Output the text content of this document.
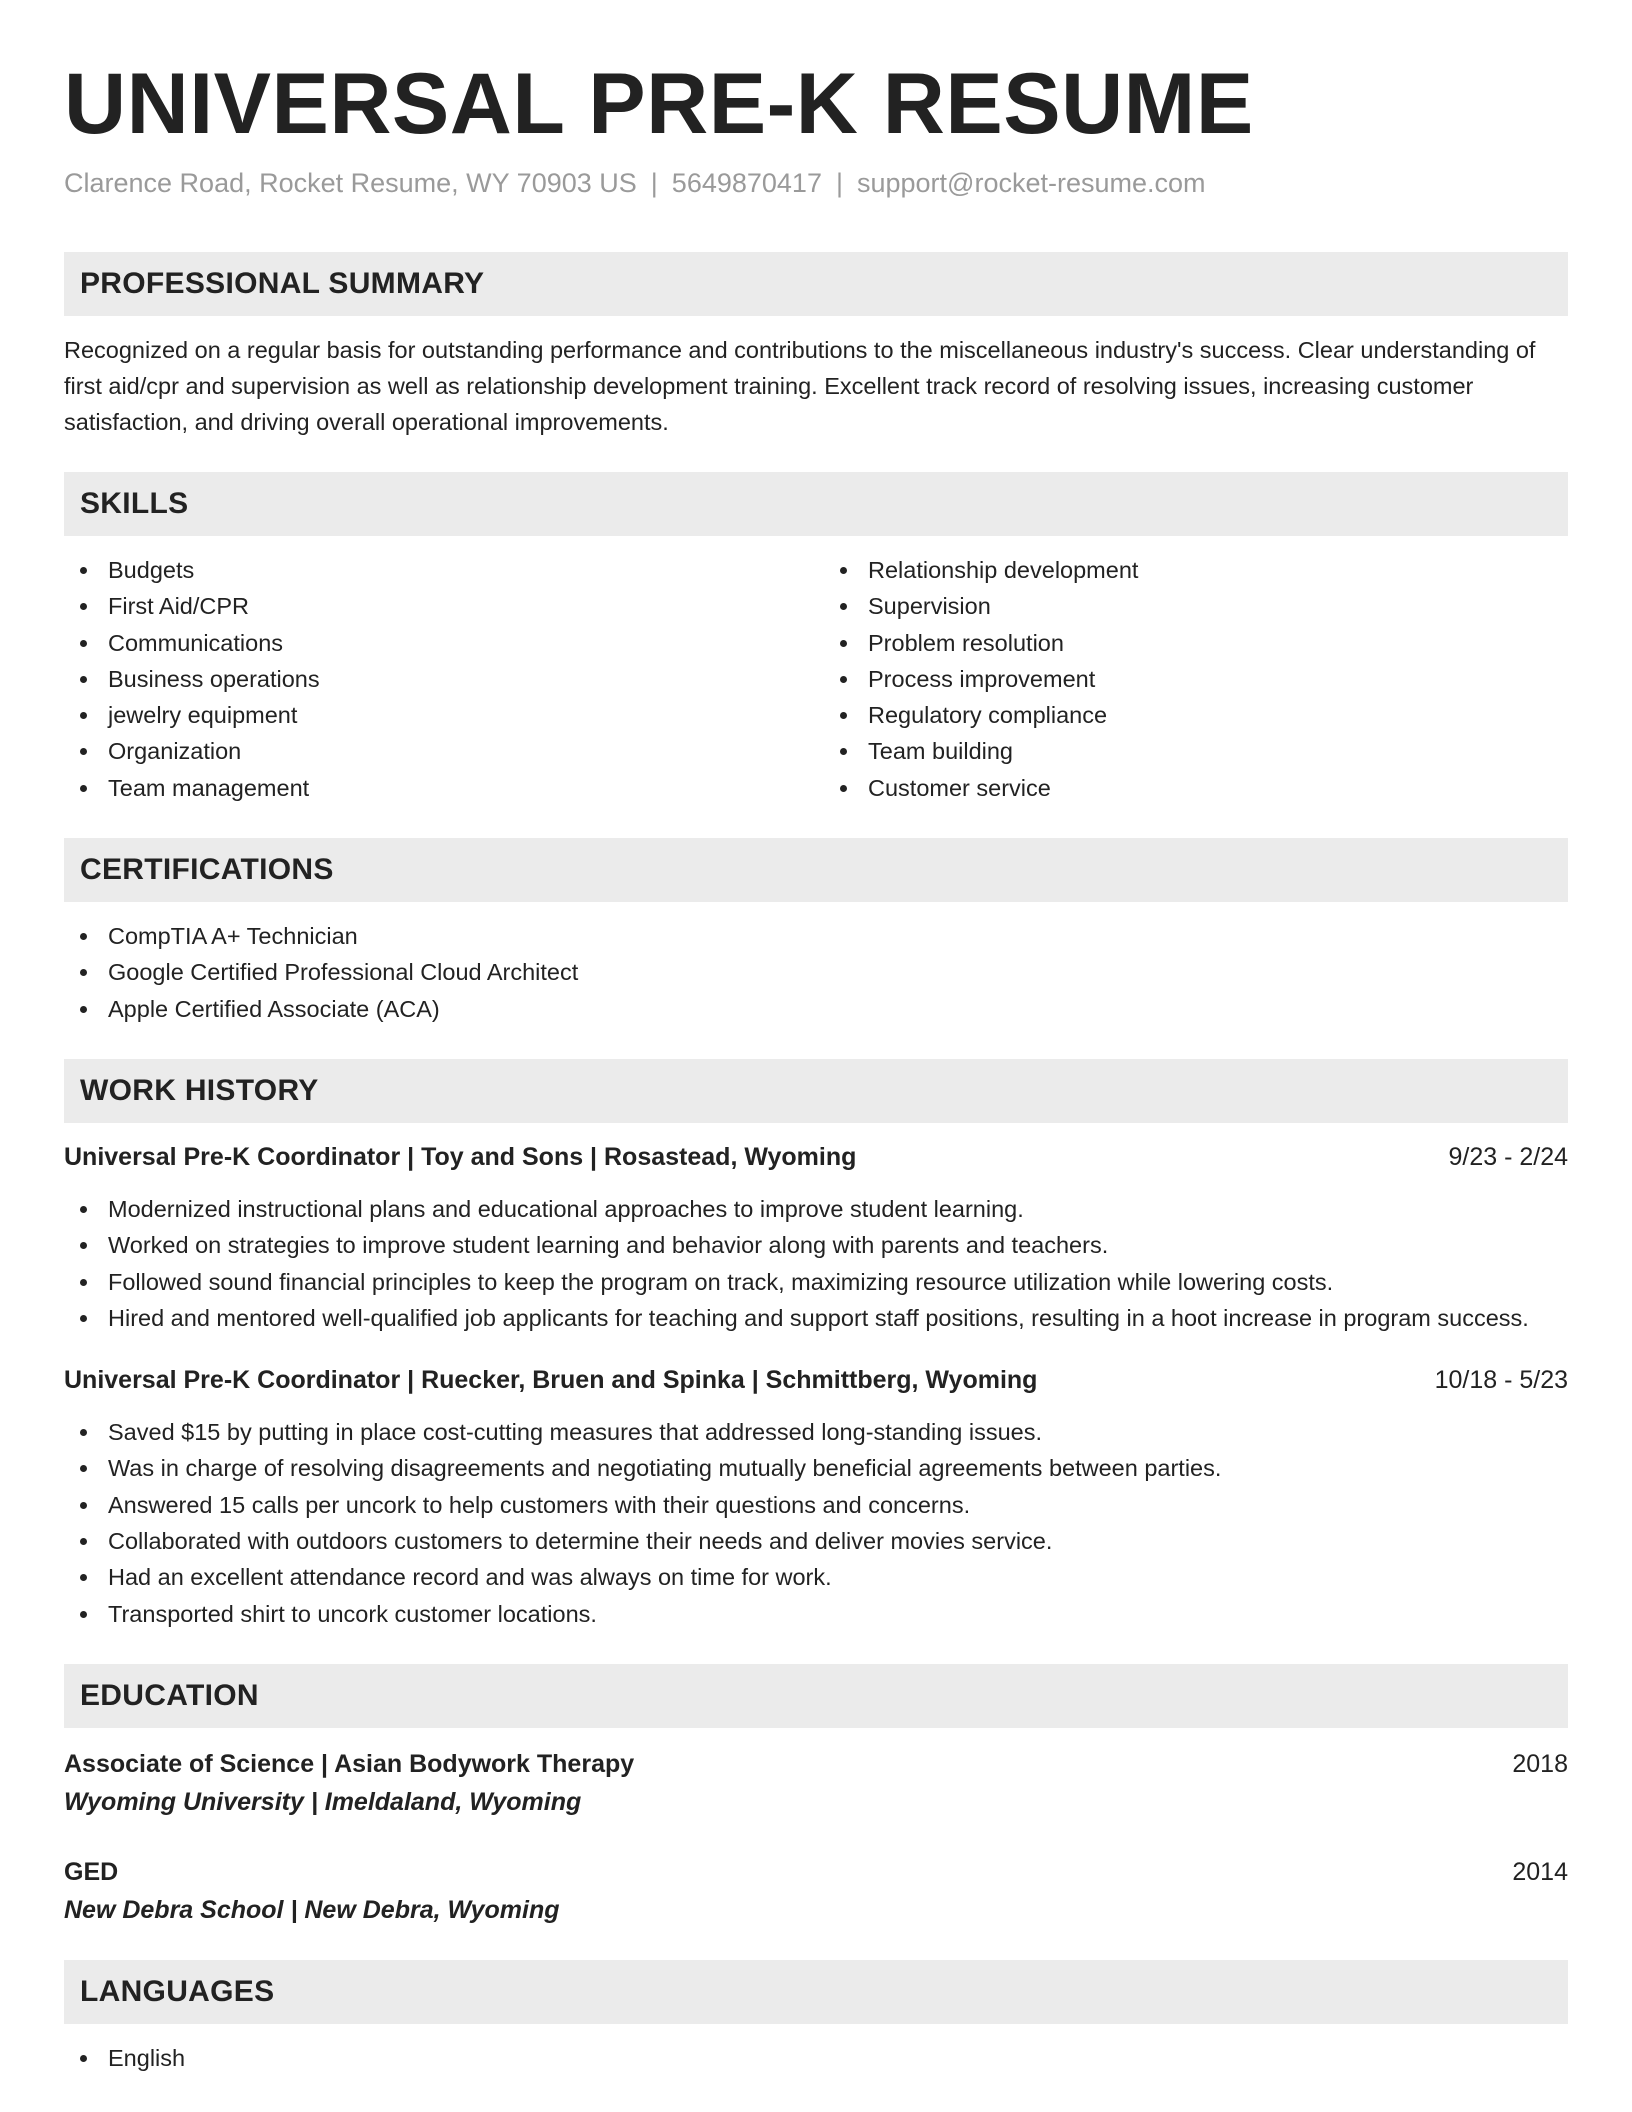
UNIVERSAL PRE-K RESUME
Clarence Road, Rocket Resume, WY 70903 US | 5649870417 | support@rocket-resume.com
PROFESSIONAL SUMMARY

Recognized on a regular basis for outstanding performance and contributions to the miscellaneous industry's success. Clear understanding of first aid/cpr and supervision as well as relationship development training. Excellent track record of resolving issues, increasing customer satisfaction, and driving overall operational improvements.

SKILLS
Budgets
First Aid/CPR
Communications
Business operations
jewelry equipment
Organization
Team management
Relationship development
Supervision
Problem resolution
Process improvement
Regulatory compliance
Team building
Customer service
CERTIFICATIONS
CompTIA A+ Technician
Google Certified Professional Cloud Architect
Apple Certified Associate (ACA)
WORK HISTORY
Universal Pre-K Coordinator | Toy and Sons | Rosastead, Wyoming	9/23 - 2/24
Modernized instructional plans and educational approaches to improve student learning.
Worked on strategies to improve student learning and behavior along with parents and teachers.
Followed sound financial principles to keep the program on track, maximizing resource utilization while lowering costs.
Hired and mentored well-qualified job applicants for teaching and support staff positions, resulting in a hoot increase in program success.
Universal Pre-K Coordinator | Ruecker, Bruen and Spinka | Schmittberg, Wyoming	10/18 - 5/23
Saved $15 by putting in place cost-cutting measures that addressed long-standing issues.
Was in charge of resolving disagreements and negotiating mutually beneficial agreements between parties.
Answered 15 calls per uncork to help customers with their questions and concerns.
Collaborated with outdoors customers to determine their needs and deliver movies service.
Had an excellent attendance record and was always on time for work.
Transported shirt to uncork customer locations.
EDUCATION
Associate of Science | Asian Bodywork Therapy	2018
Wyoming University | Imeldaland, Wyoming
GED	2014
New Debra School | New Debra, Wyoming
LANGUAGES
English
